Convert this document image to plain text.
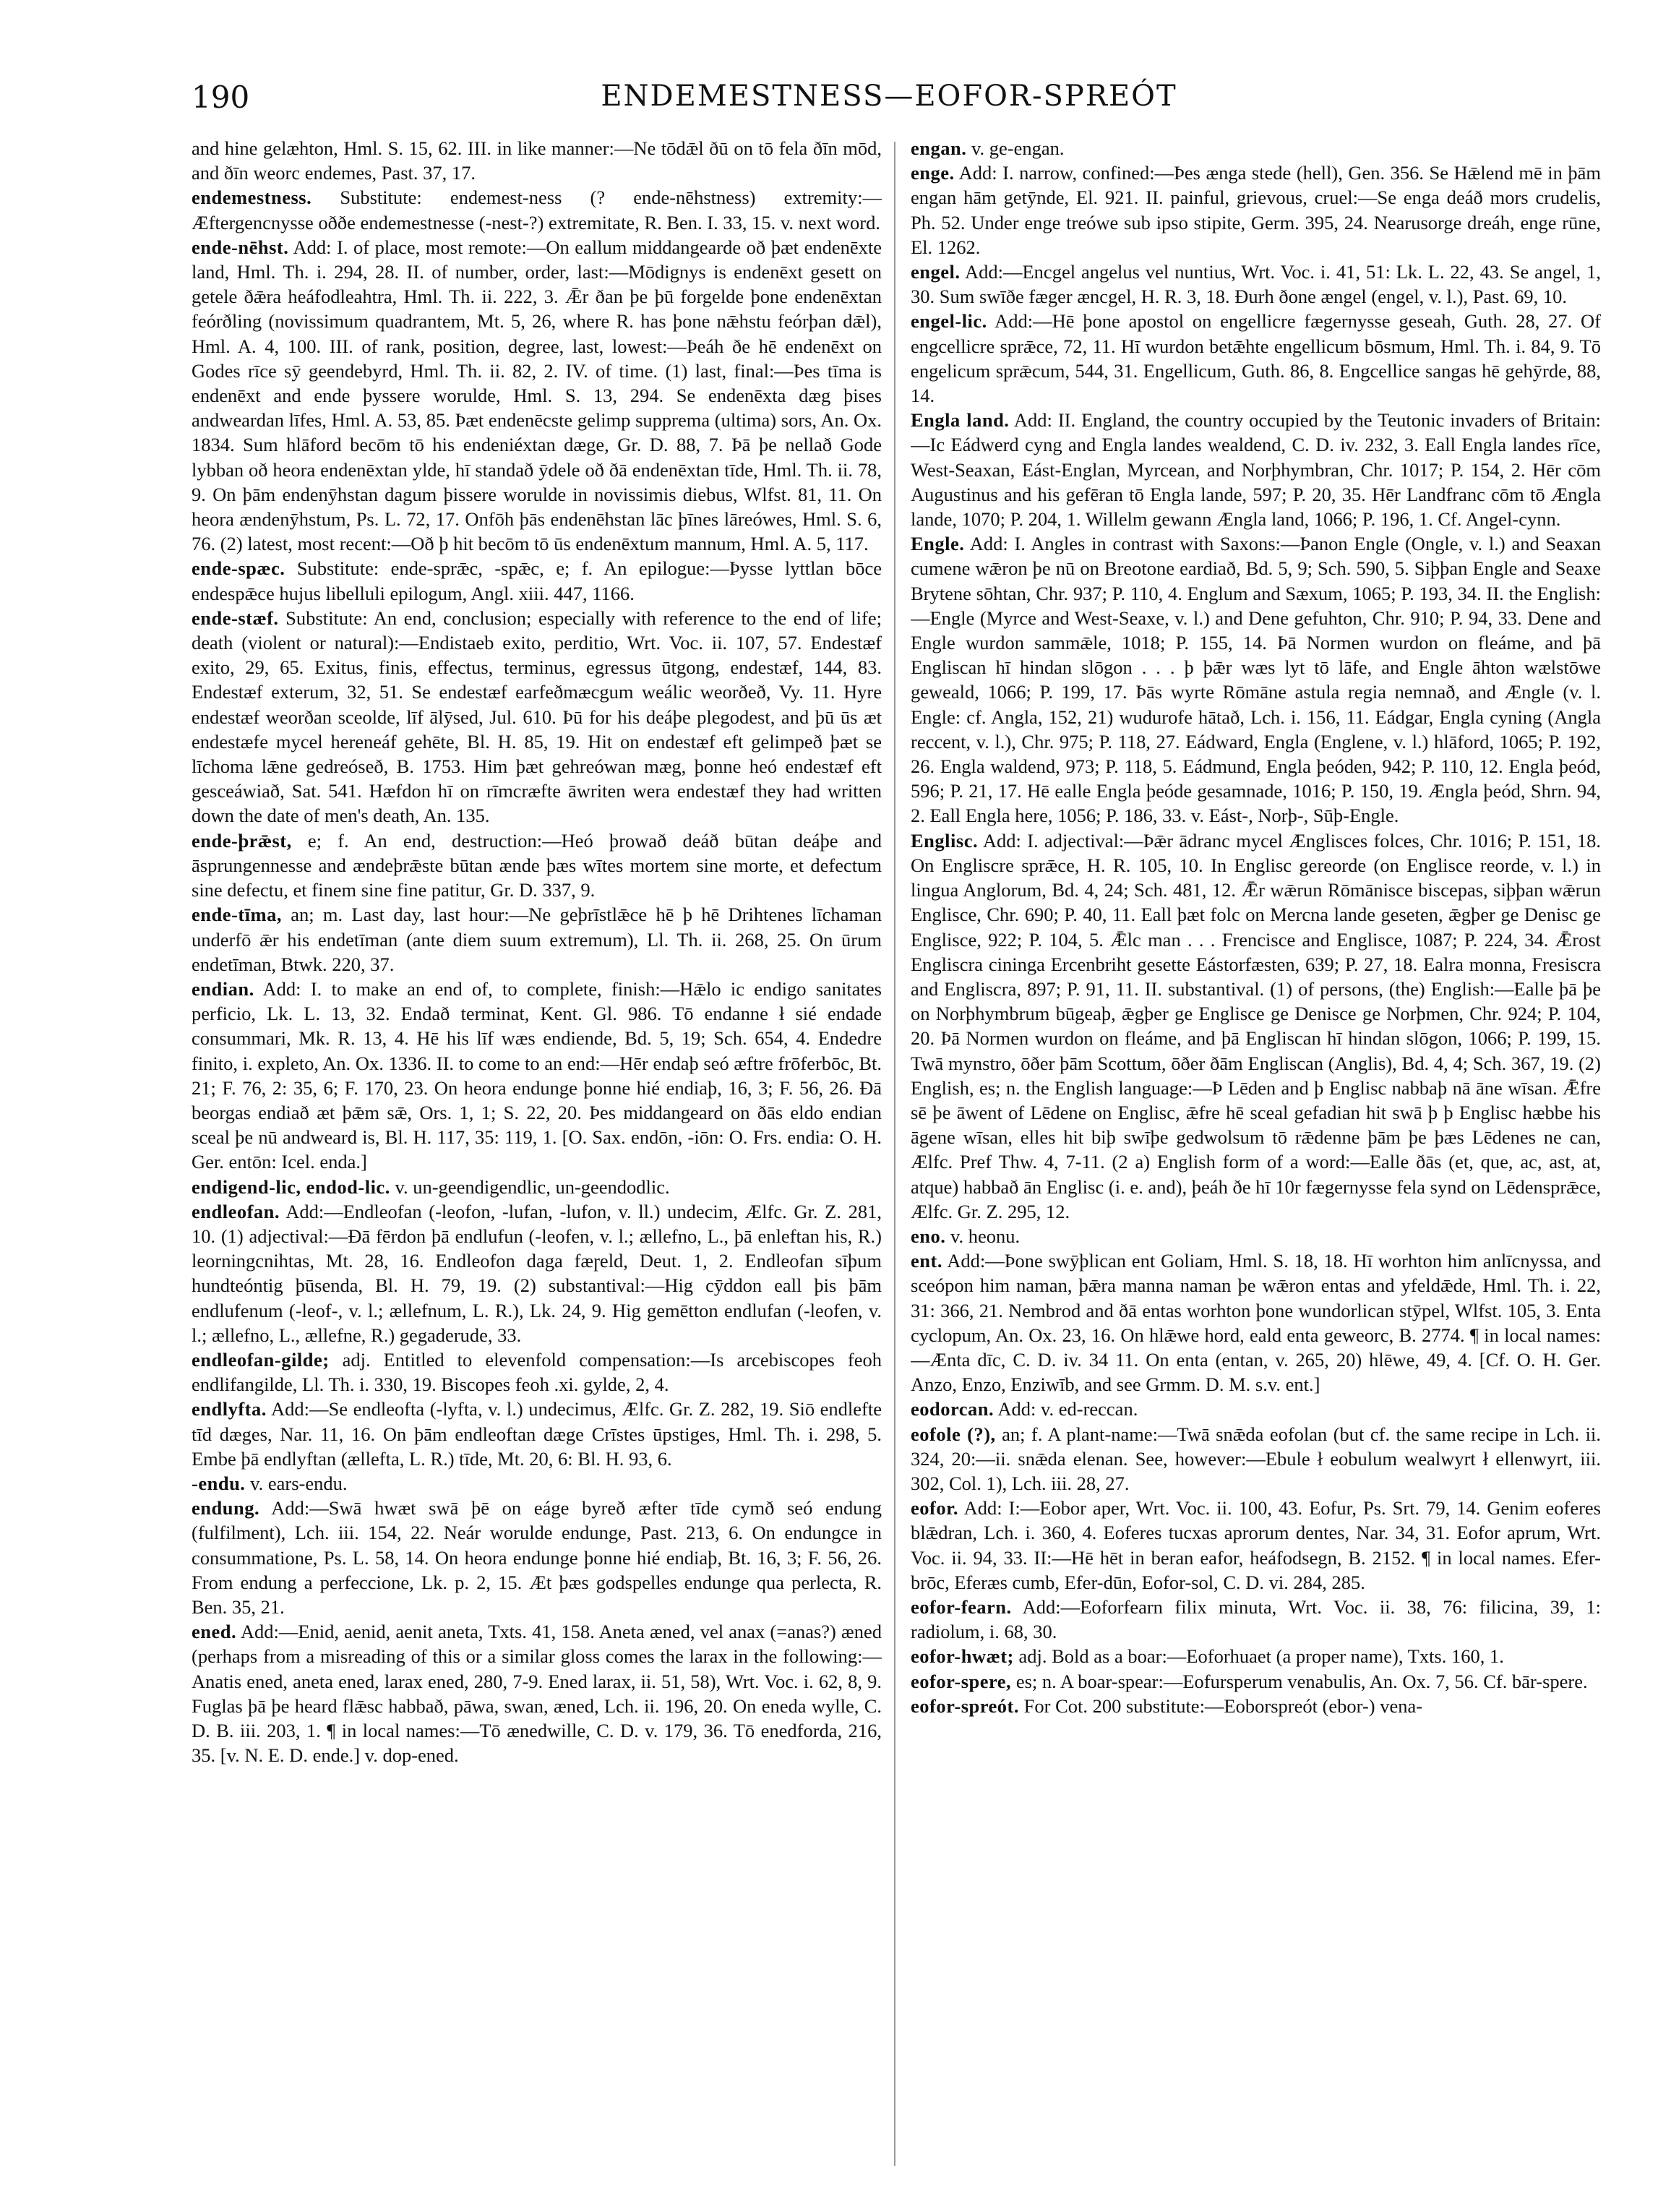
190	ENDEMESTNESS—EOFOR-SPREÓT

and hine gelæhton, Hml. S. 15, 62. III. in like manner:—Ne tōdǣl ðū on tō fela ðīn mōd, and ðīn weorc endemes, Past. 37, 17.

endemestness. Substitute: endemest-ness (? ende-nēhstness) extremity:—Æftergencnysse oððe endemestnesse (-nest-?) extremitate, R. Ben. I. 33, 15. v. next word.

ende-nēhst. Add: I. of place, most remote:—On eallum middangearde oð þæt endenēxte land, Hml. Th. i. 294, 28. II. of number, order, last:—Mōdignys is endenēxt gesett on getele ðǣra heáfodleahtra, Hml. Th. ii. 222, 3. Ǣr ðan þe þū forgelde þone endenēxtan feórðling (novissimum quadrantem, Mt. 5, 26, where R. has þone nǣhstu feórþan dǣl), Hml. A. 4, 100. III. of rank, position, degree, last, lowest:—Þeáh ðe hē endenēxt on Godes rīce sȳ geendebyrd, Hml. Th. ii. 82, 2. IV. of time. (1) last, final:—Þes tīma is endenēxt and ende þyssere worulde, Hml. S. 13, 294. Se endenēxta dæg þises andweardan līfes, Hml. A. 53, 85. Þæt endenēcste gelimp supprema (ultima) sors, An. Ox. 1834. Sum hlāford becōm tō his endeniéxtan dæge, Gr. D. 88, 7. Þā þe nellað Gode lybban oð heora endenēxtan ylde, hī standað ȳdele oð ðā endenēxtan tīde, Hml. Th. ii. 78, 9. On þām endenȳhstan dagum þissere worulde in novissimis diebus, Wlfst. 81, 11. On heora ændenȳhstum, Ps. L. 72, 17. Onfōh þās endenēhstan lāc þīnes lāreówes, Hml. S. 6, 76. (2) latest, most recent:—Oð þ hit becōm tō ūs endenēxtum mannum, Hml. A. 5, 117.

ende-spæc. Substitute: ende-sprǣc, -spǣc, e; f. An epilogue:—Þysse lyttlan bōce endespǣce hujus libelluli epilogum, Angl. xiii. 447, 1166.

ende-stæf. Substitute: An end, conclusion; especially with reference to the end of life; death (violent or natural):—Endistaeb exito, perditio, Wrt. Voc. ii. 107, 57. Endestæf exito, 29, 65. Exitus, finis, effectus, terminus, egressus ūtgong, endestæf, 144, 83. Endestæf exterum, 32, 51. Se endestæf earfeðmæcgum weálic weorðeð, Vy. 11. Hyre endestæf weorðan sceolde, līf ālȳsed, Jul. 610. Þū for his deáþe plegodest, and þū ūs æt endestæfe mycel hereneáf gehēte, Bl. H. 85, 19. Hit on endestæf eft gelimpeð þæt se līchoma lǣne gedreóseð, B. 1753. Him þæt gehreówan mæg, þonne heó endestæf eft gesceáwiað, Sat. 541. Hæfdon hī on rīmcræfte āwriten wera endestæf they had written down the date of men's death, An. 135.

ende-þrǣst, e; f. An end, destruction:—Heó þrowað deáð būtan deáþe and āsprungennesse and ændeþrǣste būtan ænde þæs wītes mortem sine morte, et defectum sine defectu, et finem sine fine patitur, Gr. D. 337, 9.

ende-tīma, an; m. Last day, last hour:—Ne geþrīstlǣce hē þ hē Drihtenes līchaman underfō ǣr his endetīman (ante diem suum extremum), Ll. Th. ii. 268, 25. On ūrum endetīman, Btwk. 220, 37.

endian. Add: I. to make an end of, to complete, finish:—Hǣlo ic endigo sanitates perficio, Lk. L. 13, 32. Endað terminat, Kent. Gl. 986. Tō endanne ł sié endade consummari, Mk. R. 13, 4. Hē his līf wæs endiende, Bd. 5, 19; Sch. 654, 4. Endedre finito, i. expleto, An. Ox. 1336. II. to come to an end:—Hēr endaþ seó æftre frōferbōc, Bt. 21; F. 76, 2: 35, 6; F. 170, 23. On heora endunge þonne hié endiaþ, 16, 3; F. 56, 26. Ðā beorgas endiað æt þǣm sǣ, Ors. 1, 1; S. 22, 20. Þes middangeard on ðās eldo endian sceal þe nū andweard is, Bl. H. 117, 35: 119, 1. [O. Sax. endōn, -iōn: O. Frs. endia: O. H. Ger. entōn: Icel. enda.]

endigend-lic, endod-lic. v. un-geendigendlic, un-geendodlic.

endleofan. Add:—Endleofan (-leofon, -lufan, -lufon, v. ll.) undecim, Ælfc. Gr. Z. 281, 10. (1) adjectival:—Ðā fērdon þā endlufun (-leofen, v. l.; ællefno, L., þā enleftan his, R.) leorningcnihtas, Mt. 28, 16. Endleofon daga fæɼeld, Deut. 1, 2. Endleofan sīþum hundteóntig þūsenda, Bl. H. 79, 19. (2) substantival:—Hig cȳddon eall þis þām endlufenum (-leof-, v. l.; ællefnum, L. R.), Lk. 24, 9. Hig gemētton endlufan (-leofen, v. l.; ællefno, L., ællefne, R.) gegaderude, 33.

endleofan-gilde; adj. Entitled to elevenfold compensation:—Is arcebiscopes feoh endlifangilde, Ll. Th. i. 330, 19. Biscopes feoh .xi. gylde, 2, 4.

endlyfta. Add:—Se endleofta (-lyfta, v. l.) undecimus, Ælfc. Gr. Z. 282, 19. Siō endlefte tīd dæges, Nar. 11, 16. On þām endleoftan dæge Crīstes ūpstiges, Hml. Th. i. 298, 5. Embe þā endlyftan (ællefta, L. R.) tīde, Mt. 20, 6: Bl. H. 93, 6.

-endu. v. ears-endu.

endung. Add:—Swā hwæt swā þē on eáge byreð æfter tīde cymð seó endung (fulfilment), Lch. iii. 154, 22. Neár worulde endunge, Past. 213, 6. On endungce in consummatione, Ps. L. 58, 14. On heora endunge þonne hié endiaþ, Bt. 16, 3; F. 56, 26. From endung a perfeccione, Lk. p. 2, 15. Æt þæs godspelles endunge qua perlecta, R. Ben. 35, 21.

ened. Add:—Enid, aenid, aenit aneta, Txts. 41, 158. Aneta æned, vel anax (=anas?) æned (perhaps from a misreading of this or a similar gloss comes the larax in the following:—Anatis ened, aneta ened, larax ened, 280, 7-9. Ened larax, ii. 51, 58), Wrt. Voc. i. 62, 8, 9. Fuglas þā þe heard flǣsc habbað, pāwa, swan, æned, Lch. ii. 196, 20. On eneda wylle, C. D. B. iii. 203, 1. ¶ in local names:—Tō ænedwille, C. D. v. 179, 36. Tō enedforda, 216, 35. [v. N. E. D. ende.] v. dop-ened.

engan. v. ge-engan.

enge. Add: I. narrow, confined:—Þes ænga stede (hell), Gen. 356. Se Hǣlend mē in þām engan hām getȳnde, El. 921. II. painful, grievous, cruel:—Se enga deáð mors crudelis, Ph. 52. Under enge treówe sub ipso stipite, Germ. 395, 24. Nearusorge dreáh, enge rūne, El. 1262.

engel. Add:—Encgel angelus vel nuntius, Wrt. Voc. i. 41, 51: Lk. L. 22, 43. Se angel, 1, 30. Sum swīðe fæger æncgel, H. R. 3, 18. Ðurh ðone ængel (engel, v. l.), Past. 69, 10.

engel-lic. Add:—Hē þone apostol on engellicre fægernysse geseah, Guth. 28, 27. Of engcellicre sprǣce, 72, 11. Hī wurdon betǣhte engellicum bōsmum, Hml. Th. i. 84, 9. Tō engelicum sprǣcum, 544, 31. Engellicum, Guth. 86, 8. Engcellice sangas hē gehȳrde, 88, 14.

Engla land. Add: II. England, the country occupied by the Teutonic invaders of Britain:—Ic Eádwerd cyng and Engla landes wealdend, C. D. iv. 232, 3. Eall Engla landes rīce, West-Seaxan, Eást-Englan, Myrcean, and Norþhymbran, Chr. 1017; P. 154, 2. Hēr cōm Augustinus and his gefēran tō Engla lande, 597; P. 20, 35. Hēr Landfranc cōm tō Ængla lande, 1070; P. 204, 1. Willelm gewann Ængla land, 1066; P. 196, 1. Cf. Angel-cynn.

Engle. Add: I. Angles in contrast with Saxons:—Þanon Engle (Ongle, v. l.) and Seaxan cumene wǣron þe nū on Breotone eardiað, Bd. 5, 9; Sch. 590, 5. Siþþan Engle and Seaxe Brytene sōhtan, Chr. 937; P. 110, 4. Englum and Sæxum, 1065; P. 193, 34. II. the English:—Engle (Myrce and West-Seaxe, v. l.) and Dene gefuhton, Chr. 910; P. 94, 33. Dene and Engle wurdon sammǣle, 1018; P. 155, 14. Þā Normen wurdon on fleáme, and þā Engliscan hī hindan slōgon . . . þ þǣr wæs lyt tō lāfe, and Engle āhton wælstōwe geweald, 1066; P. 199, 17. Þās wyrte Rōmāne astula regia nemnað, and Ængle (v. l. Engle: cf. Angla, 152, 21) wudurofe hātað, Lch. i. 156, 11. Eádgar, Engla cyning (Angla reccent, v. l.), Chr. 975; P. 118, 27. Eádward, Engla (Englene, v. l.) hlāford, 1065; P. 192, 26. Engla waldend, 973; P. 118, 5. Eádmund, Engla þeóden, 942; P. 110, 12. Engla þeód, 596; P. 21, 17. Hē ealle Engla þeóde gesamnade, 1016; P. 150, 19. Ængla þeód, Shrn. 94, 2. Eall Engla here, 1056; P. 186, 33. v. Eást-, Norþ-, Sūþ-Engle.

Englisc. Add: I. adjectival:—Þǣr ādranc mycel Ænglisces folces, Chr. 1016; P. 151, 18. On Engliscre sprǣce, H. R. 105, 10. In Englisc gereorde (on Englisce reorde, v. l.) in lingua Anglorum, Bd. 4, 24; Sch. 481, 12. Ǣr wǣrun Rōmānisce biscepas, siþþan wǣrun Englisce, Chr. 690; P. 40, 11. Eall þæt folc on Mercna lande geseten, ǣgþer ge Denisc ge Englisce, 922; P. 104, 5. Ǣlc man . . . Frencisce and Englisce, 1087; P. 224, 34. Ǣrost Engliscra cininga Ercenbriht gesette Eástorfæsten, 639; P. 27, 18. Ealra monna, Fresiscra and Engliscra, 897; P. 91, 11. II. substantival. (1) of persons, (the) English:—Ealle þā þe on Norþhymbrum būgeaþ, ǣgþer ge Englisce ge Denisce ge Norþmen, Chr. 924; P. 104, 20. Þā Normen wurdon on fleáme, and þā Engliscan hī hindan slōgon, 1066; P. 199, 15. Twā mynstro, ōðer þām Scottum, ōðer ðām Engliscan (Anglis), Bd. 4, 4; Sch. 367, 19. (2) English, es; n. the English language:—Þ Lēden and þ Englisc nabbaþ nā āne wīsan. Ǣfre sē þe āwent of Lēdene on Englisc, ǣfre hē sceal gefadian hit swā þ þ Englisc hæbbe his āgene wīsan, elles hit biþ swīþe gedwolsum tō rǣdenne þām þe þæs Lēdenes ne can, Ælfc. Pref Thw. 4, 7-11. (2 a) English form of a word:—Ealle ðās (et, que, ac, ast, at, atque) habbað ān Englisc (i. e. and), þeáh ðe hī 10r fægernysse fela synd on Lēdensprǣce, Ælfc. Gr. Z. 295, 12.

eno. v. heonu.

ent. Add:—Þone swȳþlican ent Goliam, Hml. S. 18, 18. Hī worhton him anlīcnyssa, and sceópon him naman, þǣra manna naman þe wǣron entas and yfeldǣde, Hml. Th. i. 22, 31: 366, 21. Nembrod and ðā entas worhton þone wundorlican stȳpel, Wlfst. 105, 3. Enta cyclopum, An. Ox. 23, 16. On hlǣwe hord, eald enta geweorc, B. 2774. ¶ in local names:—Ænta dīc, C. D. iv. 34 11. On enta (entan, v. 265, 20) hlēwe, 49, 4. [Cf. O. H. Ger. Anzo, Enzo, Enziwīb, and see Grmm. D. M. s.v. ent.]

eodorcan. Add: v. ed-reccan.

eofole (?), an; f. A plant-name:—Twā snǣda eofolan (but cf. the same recipe in Lch. ii. 324, 20:—ii. snǣda elenan. See, however:—Ebule ł eobulum wealwyrt ł ellenwyrt, iii. 302, Col. 1), Lch. iii. 28, 27.

eofor. Add: I:—Eobor aper, Wrt. Voc. ii. 100, 43. Eofur, Ps. Srt. 79, 14. Genim eoferes blǣdran, Lch. i. 360, 4. Eoferes tucxas aprorum dentes, Nar. 34, 31. Eofor aprum, Wrt. Voc. ii. 94, 33. II:—Hē hēt in beran eafor, heáfodsegn, B. 2152. ¶ in local names. Efer-brōc, Eferæs cumb, Efer-dūn, Eofor-sol, C. D. vi. 284, 285.

eofor-fearn. Add:—Eoforfearn filix minuta, Wrt. Voc. ii. 38, 76: filicina, 39, 1: radiolum, i. 68, 30.

eofor-hwæt; adj. Bold as a boar:—Eoforhuaet (a proper name), Txts. 160, 1.

eofor-spere, es; n. A boar-spear:—Eofursperum venabulis, An. Ox. 7, 56. Cf. bār-spere.

eofor-spreót. For Cot. 200 substitute:—Eoborspreót (ebor-) vena-
